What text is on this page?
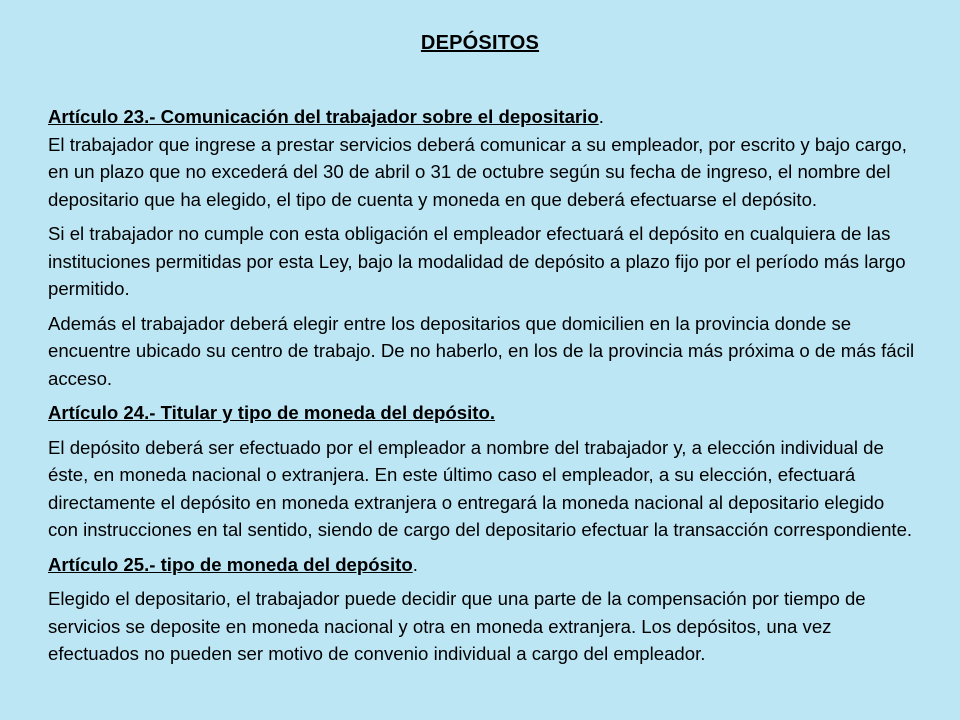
DEPÓSITOS
Artículo 23.- Comunicación del trabajador sobre el depositario.

El trabajador que ingrese a prestar servicios deberá comunicar a su empleador, por escrito y bajo cargo, en un plazo que no excederá del 30 de abril o 31 de octubre según su fecha de ingreso, el nombre del depositario que ha elegido, el tipo de cuenta y moneda en que deberá efectuarse el depósito.

Si el trabajador no cumple con esta obligación el empleador efectuará el depósito en cualquiera de las instituciones permitidas por esta Ley, bajo la modalidad de depósito a plazo fijo por el período más largo permitido.

Además el trabajador deberá elegir entre los depositarios que domicilien en la provincia donde se encuentre ubicado su centro de trabajo. De no haberlo, en los de la provincia más próxima o de más fácil acceso.

Artículo 24.- Titular y tipo de moneda del depósito.

El depósito deberá ser efectuado por el empleador a nombre del trabajador y, a elección individual de éste, en moneda nacional o extranjera. En este último caso el empleador, a su elección, efectuará directamente el depósito en moneda extranjera o entregará la moneda nacional al depositario elegido con instrucciones en tal sentido, siendo de cargo del depositario efectuar la transacción correspondiente.

Artículo 25.- tipo de moneda del depósito.

Elegido el depositario, el trabajador puede decidir que una parte de la compensación por tiempo de servicios se deposite en moneda nacional y otra en moneda extranjera. Los depósitos, una vez efectuados no pueden ser motivo de convenio individual a cargo del empleador.
